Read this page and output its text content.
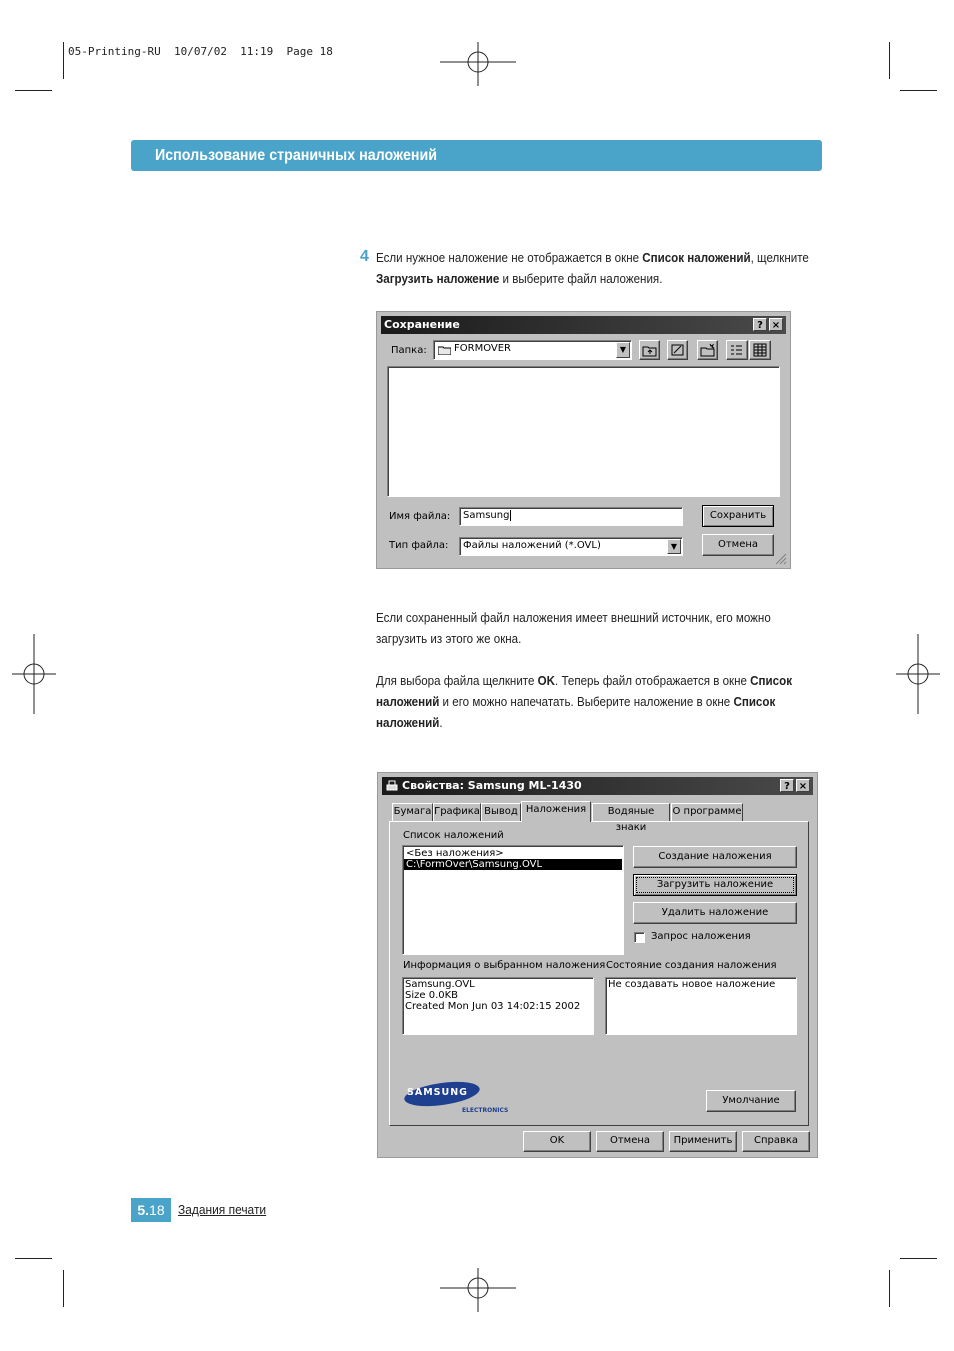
05-Printing-RU  10/07/02  11:19  Page 18
Использование страничных наложений
4 Если нужное наложение не отображается в окне Список наложений, щелкните
Загрузить наложение и выберите файл наложения.
Сохранение	? ×
Папка:	FORMOVER	▼
Имя файла:	Samsung	Сохранить
Тип файла:	Файлы наложений (*.OVL)	▼	Отмена
Если сохраненный файл наложения имеет внешний источник, его можно
загрузить из этого же окна.
Для выбора файла щелкните OK. Теперь файл отображается в окне Список
наложений и его можно напечатать. Выберите наложение в окне Список
наложений.
Свойства: Samsung ML-1430	? ×
Бумага Графика Вывод Наложения	Водяные знаки
О программе
Список наложений
<Без наложения>
C:\FormOver\Samsung.OVL
Создание наложения
Загрузить наложение
Удалить наложение
Запрос наложения
Информация о выбранном наложения
Samsung.OVL
Size 0.0KB
Created Mon Jun 03 14:02:15 2002
Состояние создания наложения
Не создавать новое наложение
SAMSUNG
ELECTRONICS
Умолчание
OK	Отмена	Применить	Справка
5.18	Задания печати
